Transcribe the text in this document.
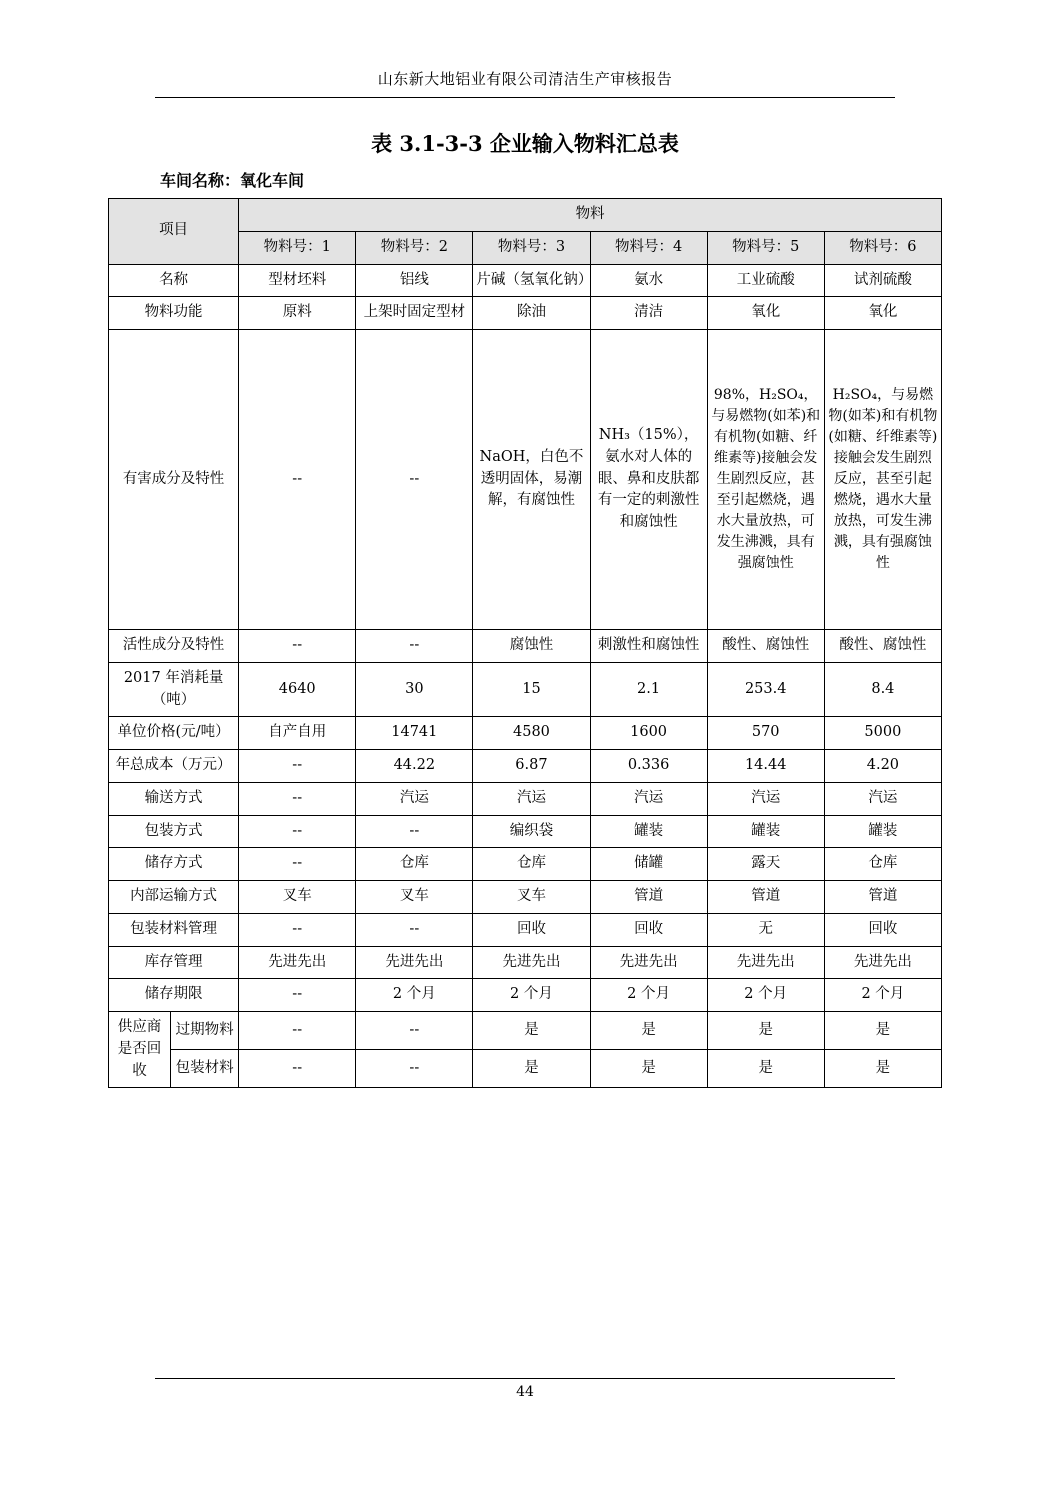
山东新大地铝业有限公司清洁生产审核报告
表 3.1-3-3 企业输入物料汇总表
车间名称：氧化车间
项目		物料					
		物料号：1	物料号：2	物料号：3	物料号：4	物料号：5	物料号：6
名称		型材坯料	铝线	片碱（氢氧化钠）	氨水	工业硫酸	试剂硫酸
物料功能		原料	上架时固定型材	除油	清洁	氧化	氧化
有害成分及特性		--	--	NaOH，白色不透明固体，易潮解，有腐蚀性	NH₃（15%），氨水对人体的眼、鼻和皮肤都有一定的刺激性和腐蚀性	98%，H₂SO₄，与易燃物(如苯)和有机物(如糖、纤维素等)接触会发生剧烈反应，甚至引起燃烧，遇水大量放热，可发生沸溅，具有强腐蚀性	H₂SO₄，与易燃物(如苯)和有机物(如糖、纤维素等)接触会发生剧烈反应，甚至引起燃烧，遇水大量放热，可发生沸溅，具有强腐蚀性
活性成分及特性		--	--	腐蚀性	刺激性和腐蚀性	酸性、腐蚀性	酸性、腐蚀性
2017 年消耗量（吨）		4640	30	15	2.1	253.4	8.4
单位价格(元/吨）		自产自用	14741	4580	1600	570	5000
年总成本（万元）		--	44.22	6.87	0.336	14.44	4.20
输送方式		--	汽运	汽运	汽运	汽运	汽运
包装方式		--	--	编织袋	罐装	罐装	罐装
储存方式		--	仓库	仓库	储罐	露天	仓库
内部运输方式		叉车	叉车	叉车	管道	管道	管道
包装材料管理		--	--	回收	回收	无	回收
库存管理		先进先出	先进先出	先进先出	先进先出	先进先出	先进先出
储存期限		--	2 个月	2 个月	2 个月	2 个月	2 个月
供应商是否回收	过期物料	--	--	是	是	是	是
	包装材料	--	--	是	是	是	是
44
